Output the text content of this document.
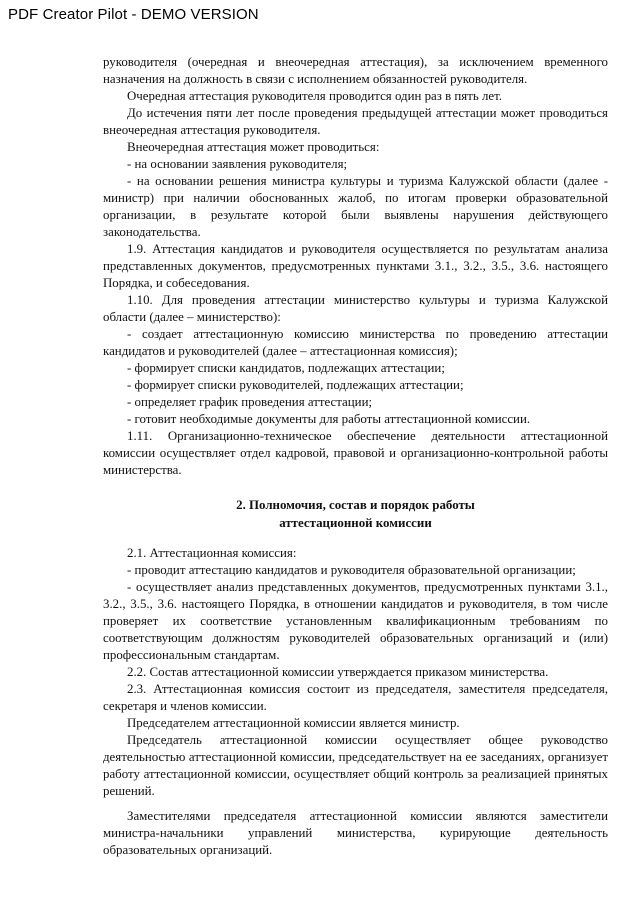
PDF Creator Pilot - DEMO VERSION

руководителя (очередная и внеочередная аттестация), за исключением временного назначения на должность в связи с исполнением обязанностей руководителя.

Очередная аттестация руководителя проводится один раз в пять лет.

До истечения пяти лет после проведения предыдущей аттестации может проводиться внеочередная аттестация руководителя.

Внеочередная аттестация может проводиться:

- на основании заявления руководителя;

- на основании решения министра культуры и туризма Калужской области (далее - министр) при наличии обоснованных жалоб, по итогам проверки образовательной организации, в результате которой были выявлены нарушения действующего законодательства.

1.9. Аттестация кандидатов и руководителя осуществляется по результатам анализа представленных документов, предусмотренных пунктами 3.1., 3.2., 3.5., 3.6. настоящего Порядка, и собеседования.

1.10. Для проведения аттестации министерство культуры и туризма Калужской области (далее – министерство):

- создает аттестационную комиссию министерства по проведению аттестации кандидатов и руководителей (далее – аттестационная комиссия);

- формирует списки кандидатов, подлежащих аттестации;

- формирует списки руководителей, подлежащих аттестации;

- определяет график проведения аттестации;

- готовит необходимые документы для работы аттестационной комиссии.

1.11. Организационно-техническое обеспечение деятельности аттестационной комиссии осуществляет отдел кадровой, правовой и организационно-контрольной работы министерства.

2. Полномочия, состав и порядок работы
аттестационной комиссии

2.1. Аттестационная комиссия:

- проводит аттестацию кандидатов и руководителя образовательной организации;

- осуществляет анализ представленных документов, предусмотренных пунктами 3.1., 3.2., 3.5., 3.6. настоящего Порядка, в отношении кандидатов и руководителя, в том числе проверяет их соответствие установленным квалификационным требованиям по соответствующим должностям руководителей образовательных организаций и (или) профессиональным стандартам.

2.2. Состав аттестационной комиссии утверждается приказом министерства.

2.3. Аттестационная комиссия состоит из председателя, заместителя председателя, секретаря и членов комиссии.

Председателем аттестационной комиссии является министр.

Председатель аттестационной комиссии осуществляет общее руководство деятельностью аттестационной комиссии, председательствует на ее заседаниях, организует работу аттестационной комиссии, осуществляет общий контроль за реализацией принятых решений.

Заместителями председателя аттестационной комиссии являются заместители министра-начальники управлений министерства, курирующие деятельность образовательных организаций.
